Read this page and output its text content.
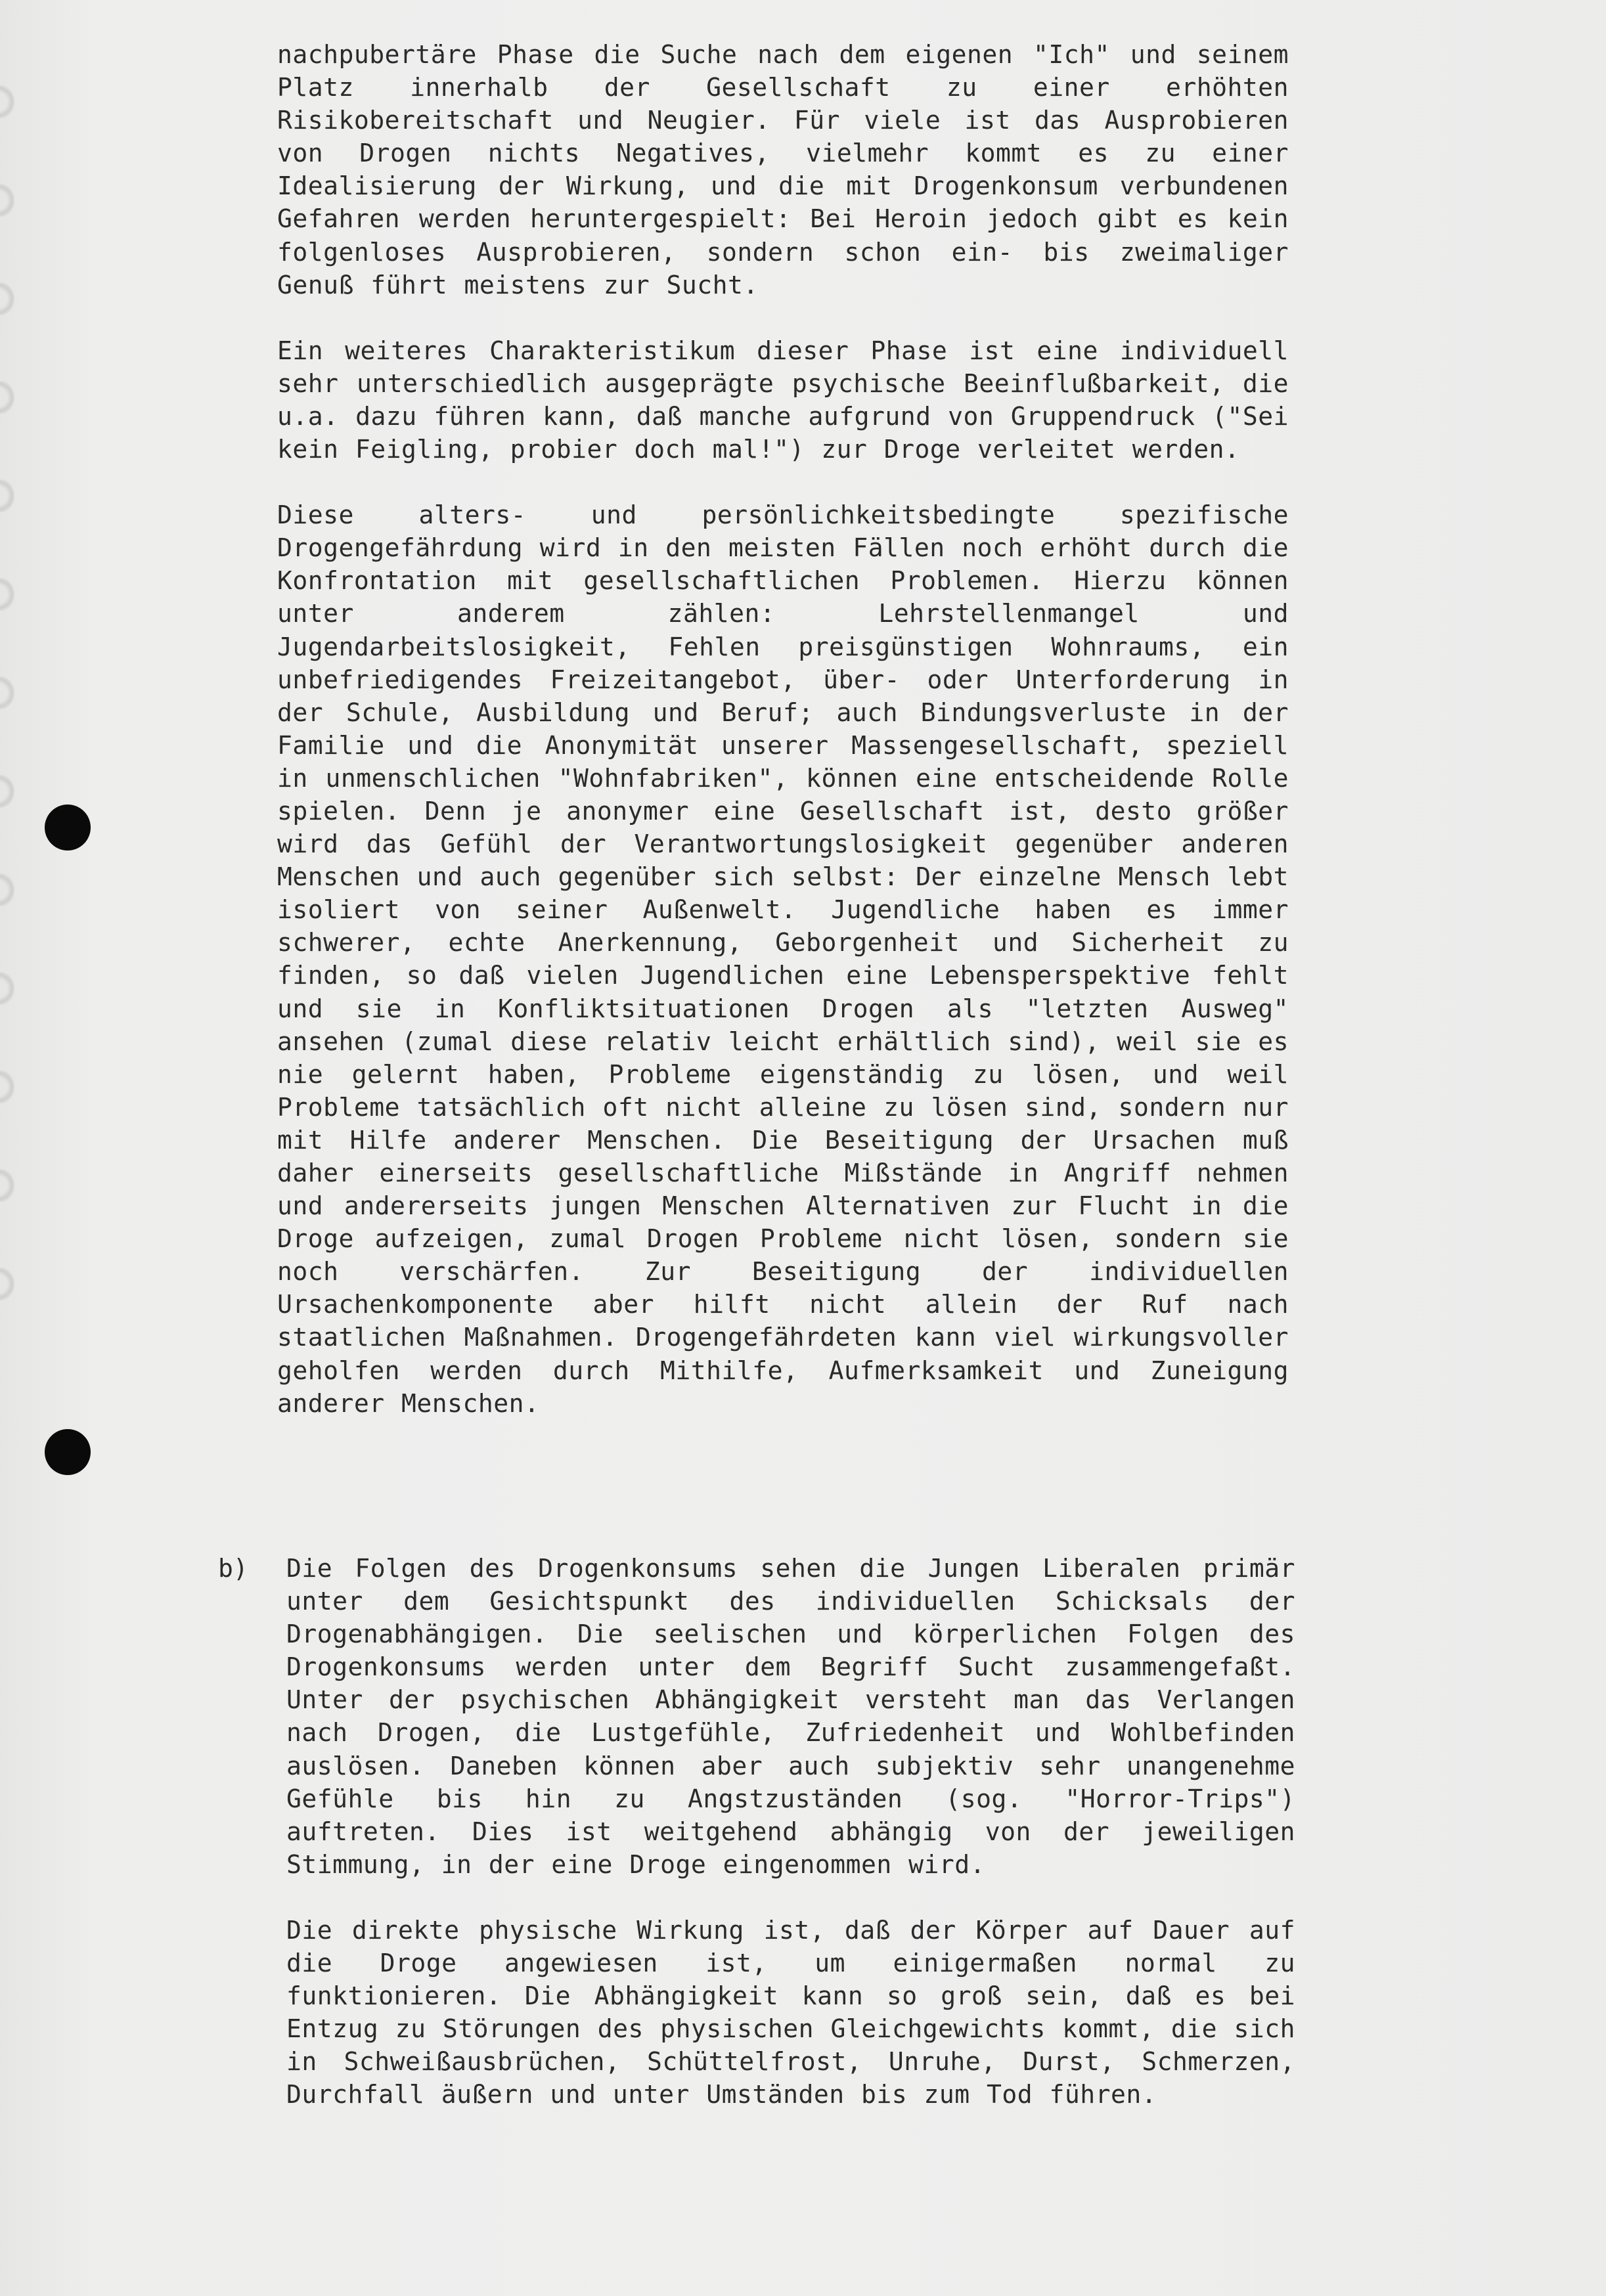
nachpubertäre Phase die Suche nach dem eigenen "Ich" und seinem Platz innerhalb der Gesellschaft zu einer erhöhten Risikobereitschaft und Neugier. Für viele ist das Ausprobieren von Drogen nichts Negatives, vielmehr kommt es zu einer Idealisierung der Wirkung, und die mit Drogenkonsum verbundenen Gefahren werden heruntergespielt: Bei Heroin jedoch gibt es kein folgenloses Ausprobieren, sondern schon ein- bis zweimaliger Genuß führt meistens zur Sucht.

Ein weiteres Charakteristikum dieser Phase ist eine individuell sehr unterschiedlich ausgeprägte psychische Beeinflußbarkeit, die u.a. dazu führen kann, daß manche aufgrund von Gruppendruck ("Sei kein Feigling, probier doch mal!") zur Droge verleitet werden.

Diese alters- und persönlichkeitsbedingte spezifische Drogengefährdung wird in den meisten Fällen noch erhöht durch die Konfrontation mit gesellschaftlichen Problemen. Hierzu können unter anderem zählen: Lehrstellenmangel und Jugendarbeitslosigkeit, Fehlen preisgünstigen Wohnraums, ein unbefriedigendes Freizeitangebot, über- oder Unterforderung in der Schule, Ausbildung und Beruf; auch Bindungsverluste in der Familie und die Anonymität unserer Massengesellschaft, speziell in unmenschlichen "Wohnfabriken", können eine entscheidende Rolle spielen. Denn je anonymer eine Gesellschaft ist, desto größer wird das Gefühl der Verantwortungslosigkeit gegenüber anderen Menschen und auch gegenüber sich selbst: Der einzelne Mensch lebt isoliert von seiner Außenwelt. Jugendliche haben es immer schwerer, echte Anerkennung, Geborgenheit und Sicherheit zu finden, so daß vielen Jugendlichen eine Lebensperspektive fehlt und sie in Konfliktsituationen Drogen als "letzten Ausweg" ansehen (zumal diese relativ leicht erhältlich sind), weil sie es nie gelernt haben, Probleme eigenständig zu lösen, und weil Probleme tatsächlich oft nicht alleine zu lösen sind, sondern nur mit Hilfe anderer Menschen. Die Beseitigung der Ursachen muß daher einerseits gesellschaftliche Mißstände in Angriff nehmen und andererseits jungen Menschen Alternativen zur Flucht in die Droge aufzeigen, zumal Drogen Probleme nicht lösen, sondern sie noch verschärfen. Zur Beseitigung der individuellen Ursachenkomponente aber hilft nicht allein der Ruf nach staatlichen Maßnahmen. Drogengefährdeten kann viel wirkungsvoller geholfen werden durch Mithilfe, Aufmerksamkeit und Zuneigung anderer Menschen.

b) Die Folgen des Drogenkonsums sehen die Jungen Liberalen primär unter dem Gesichtspunkt des individuellen Schicksals der Drogenabhängigen. Die seelischen und körperlichen Folgen des Drogenkonsums werden unter dem Begriff Sucht zusammengefaßt. Unter der psychischen Abhängigkeit versteht man das Verlangen nach Drogen, die Lustgefühle, Zufriedenheit und Wohlbefinden auslösen. Daneben können aber auch subjektiv sehr unangenehme Gefühle bis hin zu Angstzuständen (sog. "Horror-Trips") auftreten. Dies ist weitgehend abhängig von der jeweiligen Stimmung, in der eine Droge eingenommen wird.

Die direkte physische Wirkung ist, daß der Körper auf Dauer auf die Droge angewiesen ist, um einigermaßen normal zu funktionieren. Die Abhängigkeit kann so groß sein, daß es bei Entzug zu Störungen des physischen Gleichgewichts kommt, die sich in Schweißausbrüchen, Schüttelfrost, Unruhe, Durst, Schmerzen, Durchfall äußern und unter Umständen bis zum Tod führen.
